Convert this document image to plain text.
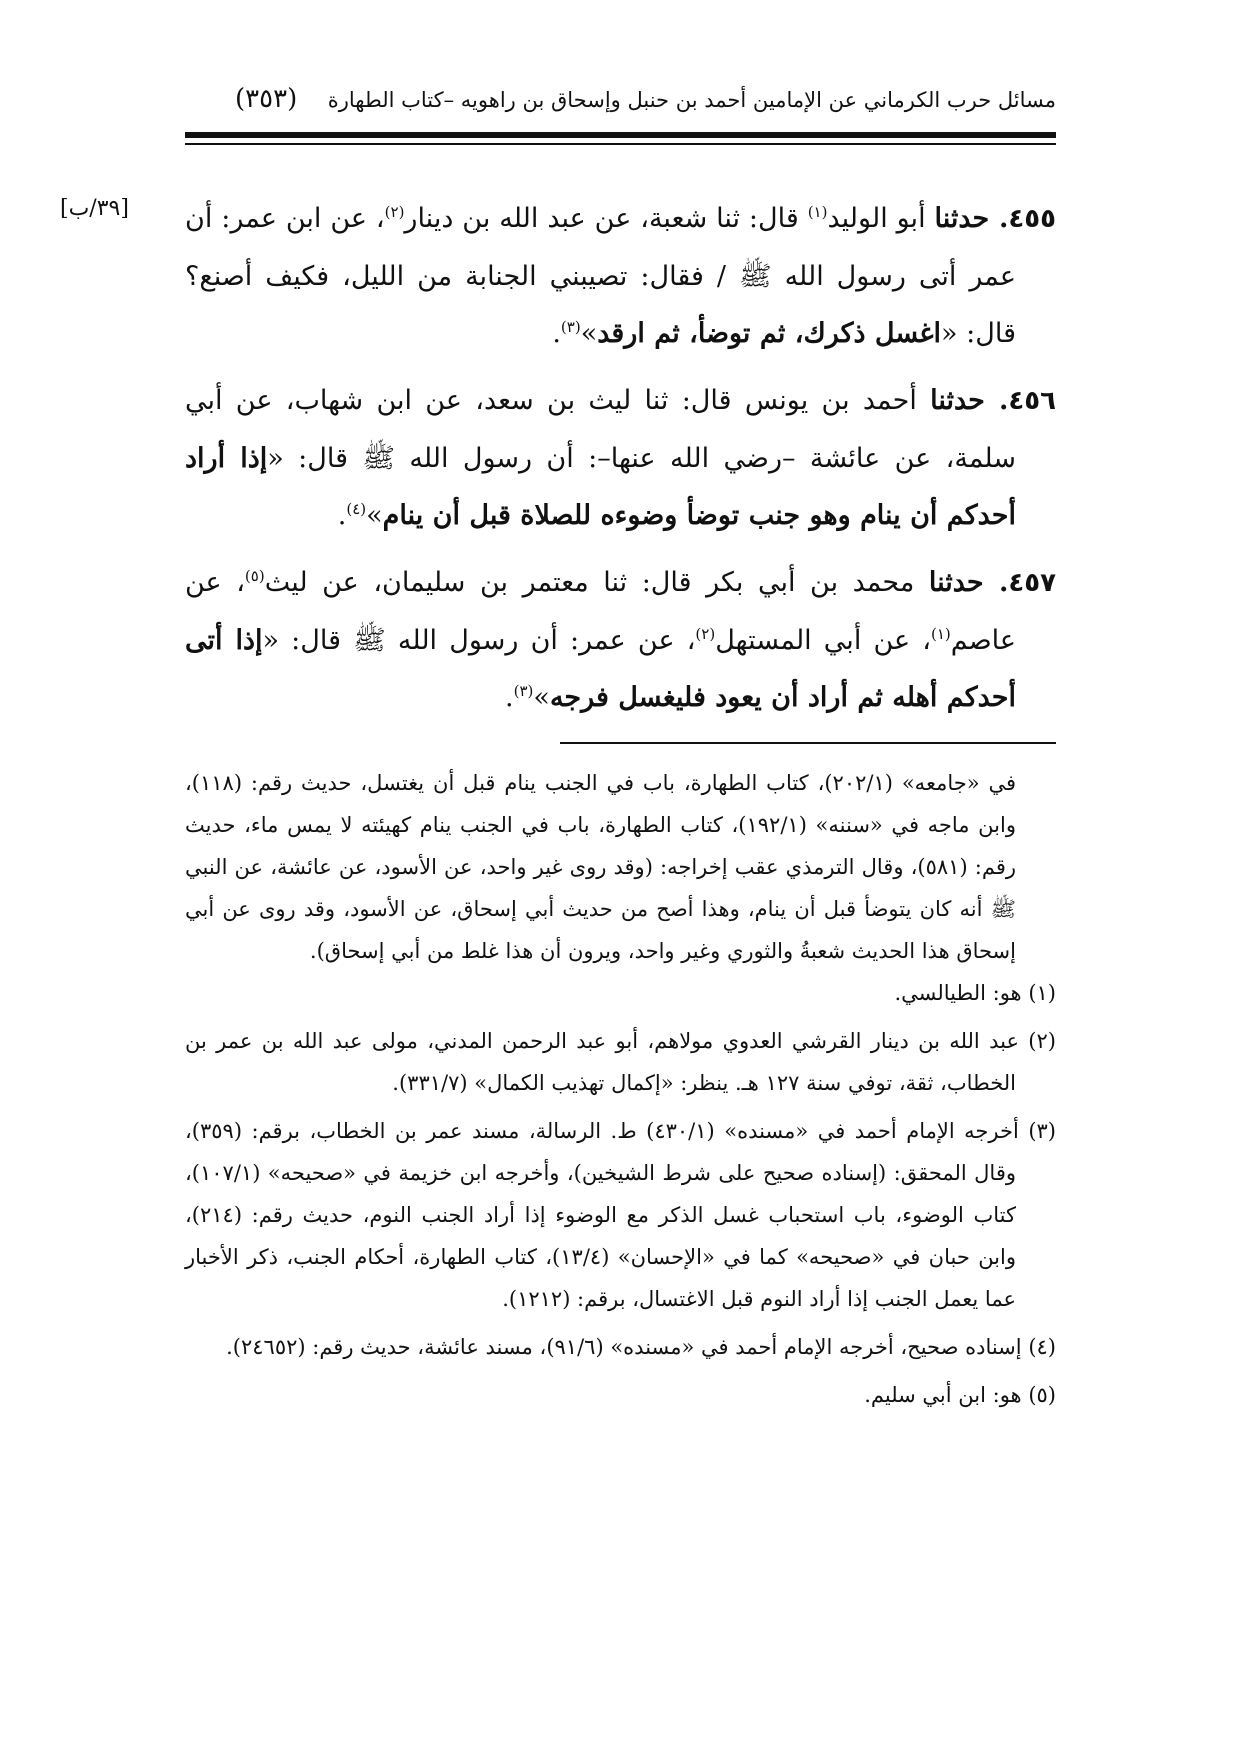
مسائل حرب الكرماني عن الإمامين أحمد بن حنبل وإسحاق بن راهويه –كتاب الطهارة
(٣٥٣)
[٣٩/ب]	٤٥٥. حدثنا أبو الوليد$^{(١)}$ قال: ثنا شعبة، عن عبد الله بن دينار$^{(٢)}$، عن ابن عمر: أن عمر أتى رسول الله ﷺ / فقال: تصيبني الجنابة من الليل، فكيف أصنع؟ قال: «اغسل ذكرك، ثم توضأ، ثم ارقد»$^{(٣)}$.

٤٥٦. حدثنا أحمد بن يونس قال: ثنا ليث بن سعد، عن ابن شهاب، عن أبي سلمة، عن عائشة –رضي الله عنها–: أن رسول الله ﷺ قال: «إذا أراد أحدكم أن ينام وهو جنب توضأ وضوءه للصلاة قبل أن ينام»$^{(٤)}$.

٤٥٧. حدثنا محمد بن أبي بكر قال: ثنا معتمر بن سليمان، عن ليث$^{(٥)}$، عن عاصم$^{(١)}$، عن أبي المستهل$^{(٢)}$، عن عمر: أن رسول الله ﷺ قال: «إذا أتى أحدكم أهله ثم أراد أن يعود فليغسل فرجه»$^{(٣)}$.

في «جامعه» (٢٠٢/١)، كتاب الطهارة، باب في الجنب ينام قبل أن يغتسل، حديث رقم: (١١٨)، وابن ماجه في «سننه» (١٩٢/١)، كتاب الطهارة، باب في الجنب ينام كهيئته لا يمس ماء، حديث رقم: (٥٨١)، وقال الترمذي عقب إخراجه: (وقد روى غير واحد، عن الأسود، عن عائشة، عن النبي ﷺ أنه كان يتوضأ قبل أن ينام، وهذا أصح من حديث أبي إسحاق، عن الأسود، وقد روى عن أبي إسحاق هذا الحديث شعبةُ والثوري وغير واحد، ويرون أن هذا غلط من أبي إسحاق).

(١) هو: الطيالسي.

(٢) عبد الله بن دينار القرشي العدوي مولاهم، أبو عبد الرحمن المدني، مولى عبد الله بن عمر بن الخطاب، ثقة، توفي سنة ١٢٧ هـ. ينظر: «إكمال تهذيب الكمال» (٣٣١/٧).

(٣) أخرجه الإمام أحمد في «مسنده» (٤٣٠/١) ط. الرسالة، مسند عمر بن الخطاب، برقم: (٣٥٩)، وقال المحقق: (إسناده صحيح على شرط الشيخين)، وأخرجه ابن خزيمة في «صحيحه» (١٠٧/١)، كتاب الوضوء، باب استحباب غسل الذكر مع الوضوء إذا أراد الجنب النوم، حديث رقم: (٢١٤)، وابن حبان في «صحيحه» كما في «الإحسان» (١٣/٤)، كتاب الطهارة، أحكام الجنب، ذكر الأخبار عما يعمل الجنب إذا أراد النوم قبل الاغتسال، برقم: (١٢١٢).

(٤) إسناده صحيح، أخرجه الإمام أحمد في «مسنده» (٩١/٦)، مسند عائشة، حديث رقم: (٢٤٦٥٢).

(٥) هو: ابن أبي سليم.
